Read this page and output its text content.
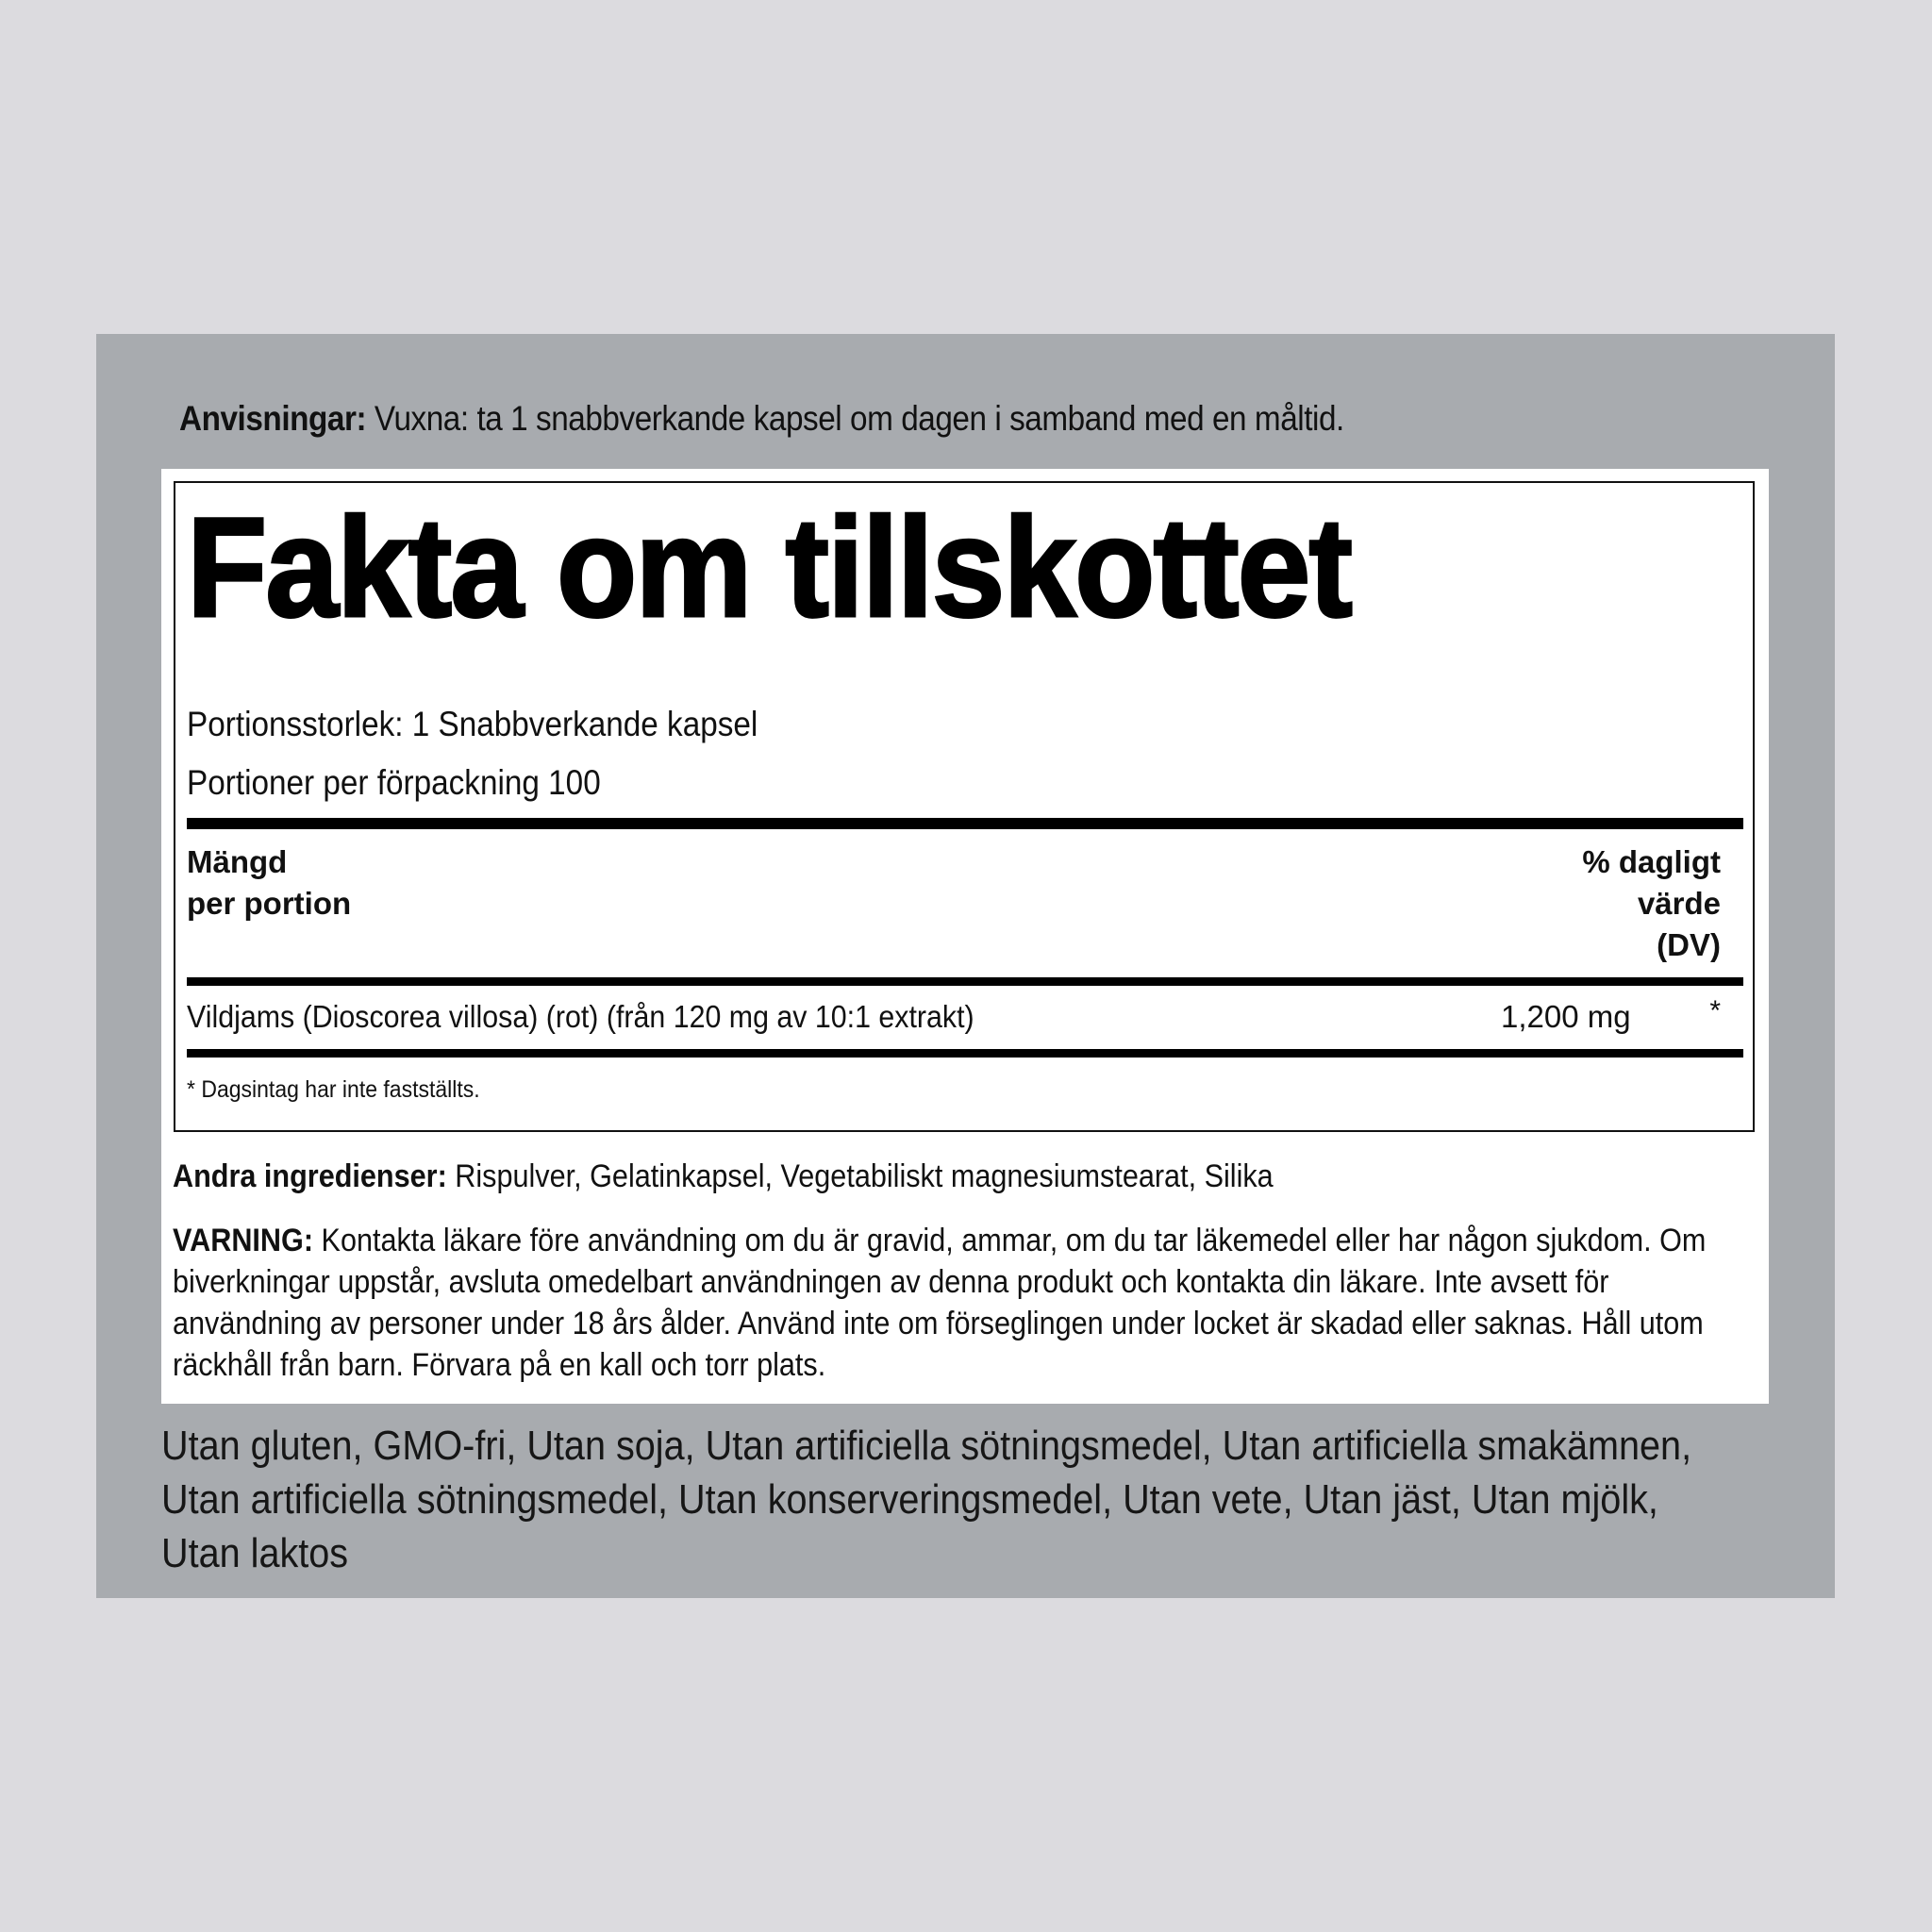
Anvisningar: Vuxna: ta 1 snabbverkande kapsel om dagen i samband med en måltid.
Fakta om tillskottet
Portionsstorlek: 1 Snabbverkande kapsel
Portioner per förpackning 100
Mängd
per portion
% dagligt
värde
(DV)
Vildjams (Dioscorea villosa) (rot) (från 120 mg av 10:1 extrakt)	1,200 mg	*
* Dagsintag har inte fastställts.
Andra ingredienser: Rispulver, Gelatinkapsel, Vegetabiliskt magnesiumstearat, Silika
VARNING: Kontakta läkare före användning om du är gravid, ammar, om du tar läkemedel eller har någon sjukdom. Om biverkningar uppstår, avsluta omedelbart användningen av denna produkt och kontakta din läkare. Inte avsett för användning av personer under 18 års ålder. Använd inte om förseglingen under locket är skadad eller saknas. Håll utom räckhåll från barn. Förvara på en kall och torr plats.
Utan gluten, GMO-fri, Utan soja, Utan artificiella sötningsmedel, Utan artificiella smakämnen, Utan artificiella sötningsmedel, Utan konserveringsmedel, Utan vete, Utan jäst, Utan mjölk, Utan laktos
